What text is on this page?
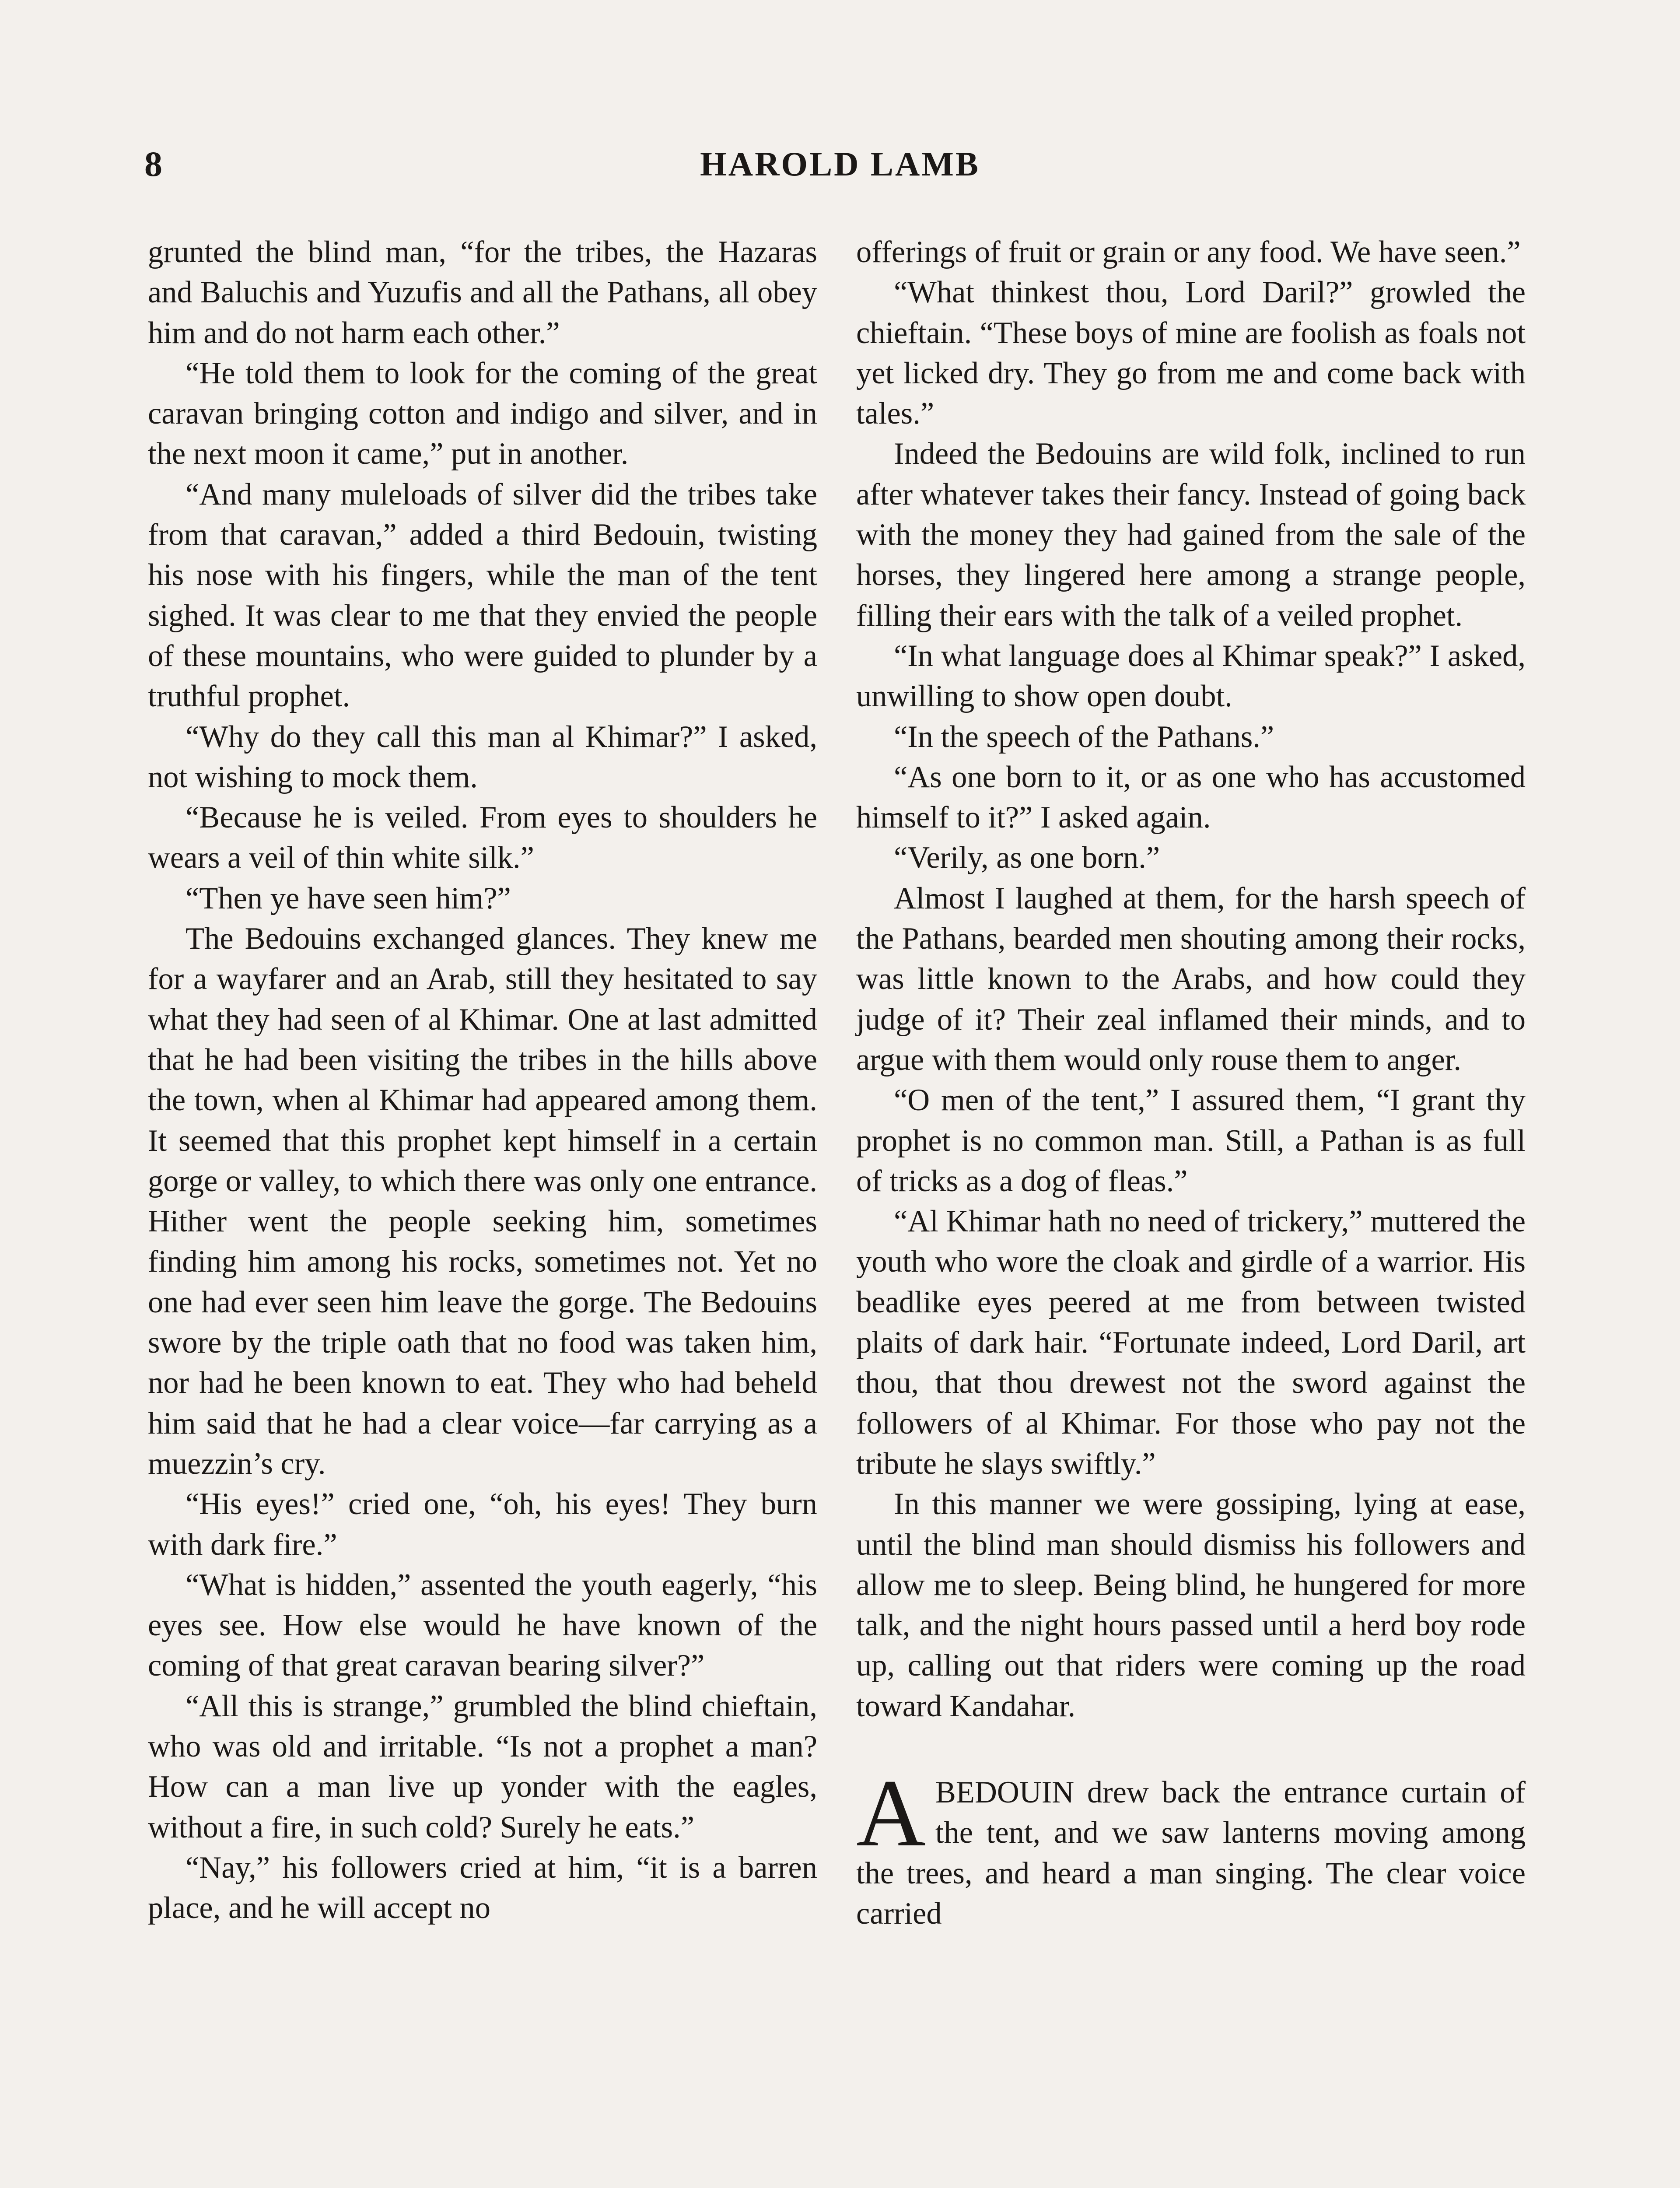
8	HAROLD LAMB

grunted the blind man, “for the tribes, the Hazaras and Baluchis and Yuzufis and all the Pathans, all obey him and do not harm each other.”

“He told them to look for the coming of the great caravan bringing cotton and indigo and silver, and in the next moon it came,” put in another.

“And many muleloads of silver did the tribes take from that caravan,” added a third Bedouin, twisting his nose with his fingers, while the man of the tent sighed. It was clear to me that they envied the people of these mountains, who were guided to plunder by a truthful prophet.

“Why do they call this man al Khimar?” I asked, not wishing to mock them.

“Because he is veiled. From eyes to shoulders he wears a veil of thin white silk.”

“Then ye have seen him?”

The Bedouins exchanged glances. They knew me for a wayfarer and an Arab, still they hesitated to say what they had seen of al Khimar. One at last admitted that he had been visiting the tribes in the hills above the town, when al Khimar had appeared among them. It seemed that this prophet kept himself in a certain gorge or valley, to which there was only one entrance. Hither went the people seeking him, sometimes finding him among his rocks, sometimes not. Yet no one had ever seen him leave the gorge. The Bedouins swore by the triple oath that no food was taken him, nor had he been known to eat. They who had beheld him said that he had a clear voice—far carrying as a muezzin’s cry.

“His eyes!” cried one, “oh, his eyes! They burn with dark fire.”

“What is hidden,” assented the youth eagerly, “his eyes see. How else would he have known of the coming of that great caravan bearing silver?”

“All this is strange,” grumbled the blind chieftain, who was old and irritable. “Is not a prophet a man? How can a man live up yonder with the eagles, without a fire, in such cold? Surely he eats.”

“Nay,” his followers cried at him, “it is a barren place, and he will accept no

offerings of fruit or grain or any food. We have seen.”

“What thinkest thou, Lord Daril?” growled the chieftain. “These boys of mine are foolish as foals not yet licked dry. They go from me and come back with tales.”

Indeed the Bedouins are wild folk, inclined to run after whatever takes their fancy. Instead of going back with the money they had gained from the sale of the horses, they lingered here among a strange people, filling their ears with the talk of a veiled prophet.

“In what language does al Khimar speak?” I asked, unwilling to show open doubt.

“In the speech of the Pathans.”

“As one born to it, or as one who has accustomed himself to it?” I asked again.

“Verily, as one born.”

Almost I laughed at them, for the harsh speech of the Pathans, bearded men shouting among their rocks, was little known to the Arabs, and how could they judge of it? Their zeal inflamed their minds, and to argue with them would only rouse them to anger.

“O men of the tent,” I assured them, “I grant thy prophet is no common man. Still, a Pathan is as full of tricks as a dog of fleas.”

“Al Khimar hath no need of trickery,” muttered the youth who wore the cloak and girdle of a warrior. His beadlike eyes peered at me from between twisted plaits of dark hair. “Fortunate indeed, Lord Daril, art thou, that thou drewest not the sword against the followers of al Khimar. For those who pay not the tribute he slays swiftly.”

In this manner we were gossiping, lying at ease, until the blind man should dismiss his followers and allow me to sleep. Being blind, he hungered for more talk, and the night hours passed until a herd boy rode up, calling out that riders were coming up the road toward Kandahar.

ABEDOUIN drew back the entrance curtain of the tent, and we saw lanterns moving among the trees, and heard a man singing. The clear voice carried
